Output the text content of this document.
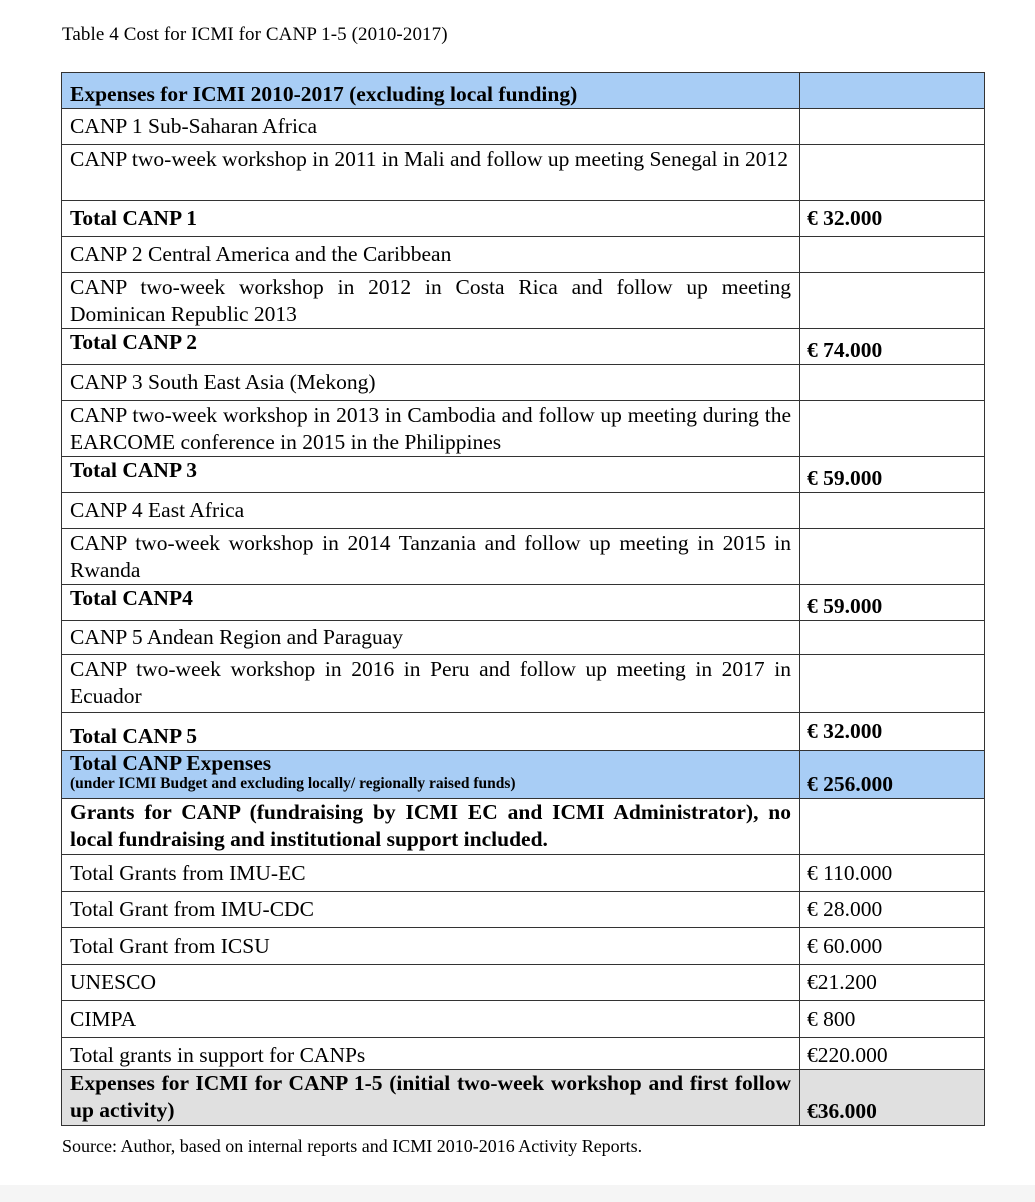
Table 4 Cost for ICMI for CANP 1-5 (2010-2017)
Expenses for ICMI 2010-2017 (excluding local funding)	
CANP 1 Sub-Saharan Africa	
CANP two-week workshop in 2011 in Mali and follow up meeting Senegal in 2012	
Total CANP 1	€ 32.000
CANP 2 Central America and the Caribbean	
CANP two-week workshop in 2012 in Costa Rica and follow up meeting Dominican Republic 2013	
Total CANP 2	€ 74.000
CANP 3 South East Asia (Mekong)	
CANP two-week workshop in 2013 in Cambodia and follow up meeting during the EARCOME conference in 2015 in the Philippines	
Total CANP 3	€ 59.000
CANP 4 East Africa	
CANP two-week workshop in 2014 Tanzania and follow up meeting in 2015 in Rwanda	
Total CANP4	€ 59.000
CANP 5 Andean Region and Paraguay	
CANP two-week workshop in 2016 in Peru and follow up meeting in 2017 in Ecuador	
Total CANP 5	€ 32.000
Total CANP Expenses
(under ICMI Budget and excluding locally/ regionally raised funds)	€ 256.000
Grants for CANP (fundraising by ICMI EC and ICMI Administrator), no local fundraising and institutional support included.	
Total Grants from IMU-EC	€ 110.000
Total Grant from IMU-CDC	€ 28.000
Total Grant from ICSU	€ 60.000
UNESCO	€21.200
CIMPA	€ 800
Total grants in support for CANPs	€220.000
Expenses for ICMI for CANP 1-5 (initial two-week workshop and first follow up activity)	€36.000
Source: Author, based on internal reports and ICMI 2010-2016 Activity Reports.
